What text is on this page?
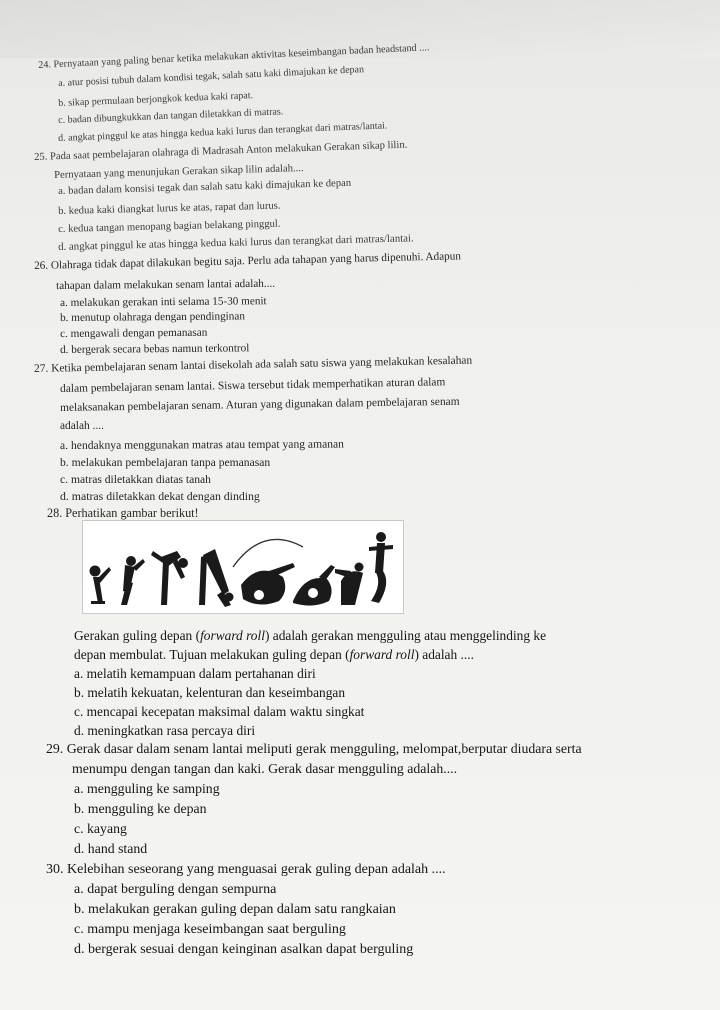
24. Pernyataan yang paling benar ketika melakukan aktivitas keseimbangan badan headstand ....
a. atur posisi tubuh dalam kondisi tegak, salah satu kaki dimajukan ke depan
b. sikap permulaan berjongkok kedua kaki rapat.
c. badan dibungkukkan dan tangan diletakkan di matras.
d. angkat pinggul ke atas hingga kedua kaki lurus dan terangkat dari matras/lantai.
25. Pada saat pembelajaran olahraga di Madrasah Anton melakukan Gerakan sikap lilin.
Pernyataan yang menunjukan Gerakan sikap lilin adalah....
a. badan dalam konsisi tegak dan salah satu kaki dimajukan ke depan
b. kedua kaki diangkat lurus ke atas, rapat dan lurus.
c. kedua tangan menopang bagian belakang pinggul.
d. angkat pinggul ke atas hingga kedua kaki lurus dan terangkat dari matras/lantai.
26. Olahraga tidak dapat dilakukan begitu saja. Perlu ada tahapan yang harus dipenuhi. Adapun
tahapan dalam melakukan senam lantai adalah....
a. melakukan gerakan inti selama 15-30 menit
b. menutup olahraga dengan pendinginan
c. mengawali dengan pemanasan
d. bergerak secara bebas namun terkontrol
27. Ketika pembelajaran senam lantai disekolah ada salah satu siswa yang melakukan kesalahan
dalam pembelajaran senam lantai. Siswa tersebut tidak memperhatikan aturan dalam
melaksanakan pembelajaran senam. Aturan yang digunakan dalam pembelajaran senam
adalah ....
a. hendaknya menggunakan matras atau tempat yang amanan
b. melakukan pembelajaran tanpa pemanasan
c. matras diletakkan diatas tanah
d. matras diletakkan dekat dengan dinding
28. Perhatikan gambar berikut!
Gerakan guling depan (forward roll) adalah gerakan mengguling atau menggelinding ke
depan membulat. Tujuan melakukan guling depan (forward roll) adalah ....
a. melatih kemampuan dalam pertahanan diri
b. melatih kekuatan, kelenturan dan keseimbangan
c. mencapai kecepatan maksimal dalam waktu singkat
d. meningkatkan rasa percaya diri
29. Gerak dasar dalam senam lantai meliputi gerak mengguling, melompat,berputar diudara serta
menumpu dengan tangan dan kaki. Gerak dasar mengguling adalah....
a. mengguling ke samping
b. mengguling ke depan
c. kayang
d. hand stand
30. Kelebihan seseorang yang menguasai gerak guling depan adalah ....
a. dapat berguling dengan sempurna
b. melakukan gerakan guling depan dalam satu rangkaian
c. mampu menjaga keseimbangan saat berguling
d. bergerak sesuai dengan keinginan asalkan dapat berguling
